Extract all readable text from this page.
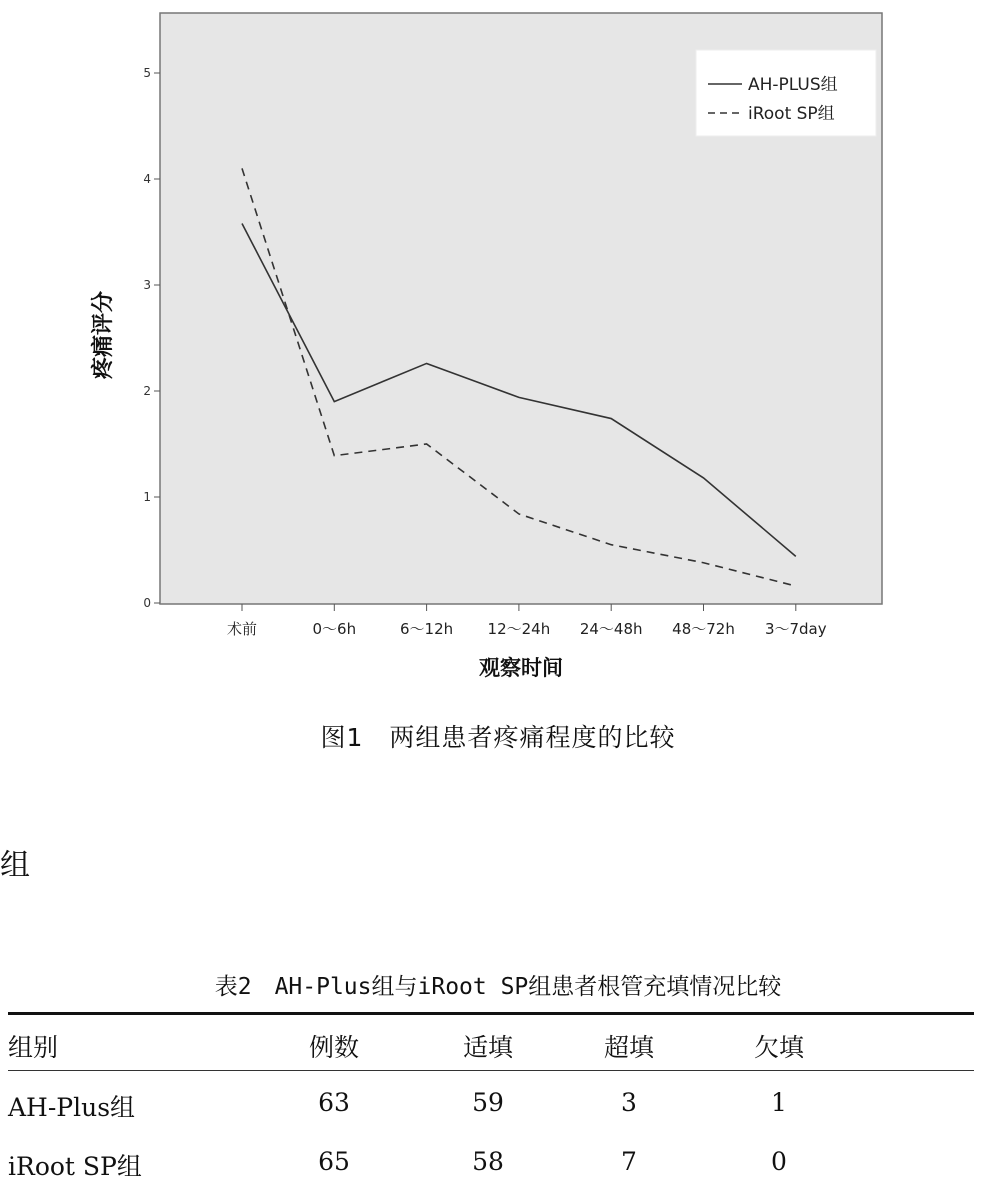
0
1
2
3
4
5
术前	0～6h	6～12h 12～24h 24～48h 48～72h 3～7day
疼痛评分
观察时间
AH-PLUS组
iRoot SP组
图1　两组患者疼痛程度的比较
组
表2　AH-Plus组与iRoot SP组患者根管充填情况比较
组别	例数	适填	超填	欠填
AH-Plus组	63	59	3	1
iRoot SP组	65	58	7	0
